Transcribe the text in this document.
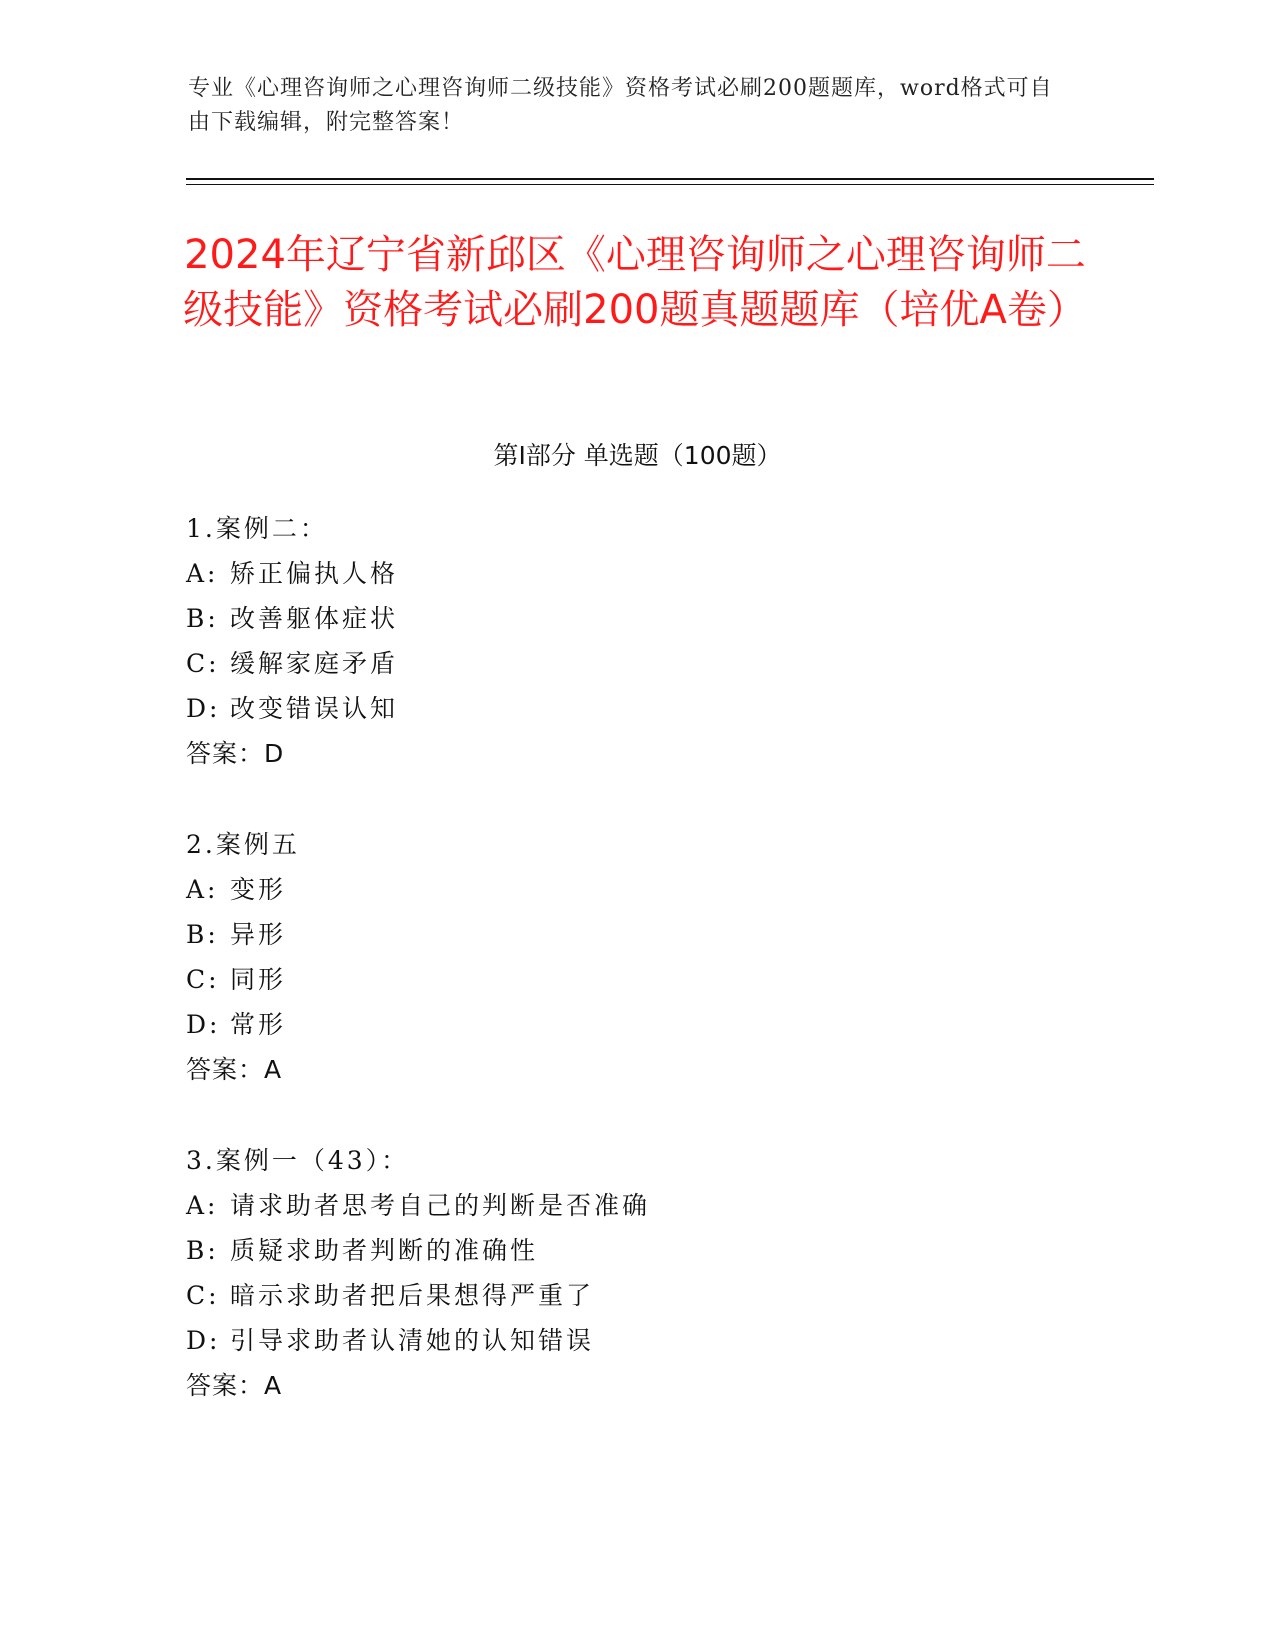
专业《心理咨询师之心理咨询师二级技能》资格考试必刷200题题库，word格式可自由下载编辑，附完整答案！
2024年辽宁省新邱区《心理咨询师之心理咨询师二级技能》资格考试必刷200题真题题库（培优A卷）
第I部分 单选题（100题）
1.案例二：
A: 矫正偏执人格
B: 改善躯体症状
C: 缓解家庭矛盾
D: 改变错误认知
答案：D
2.案例五
A: 变形
B: 异形
C: 同形
D: 常形
答案：A
3.案例一（43）：
A: 请求助者思考自己的判断是否准确
B: 质疑求助者判断的准确性
C: 暗示求助者把后果想得严重了
D: 引导求助者认清她的认知错误
答案：A
